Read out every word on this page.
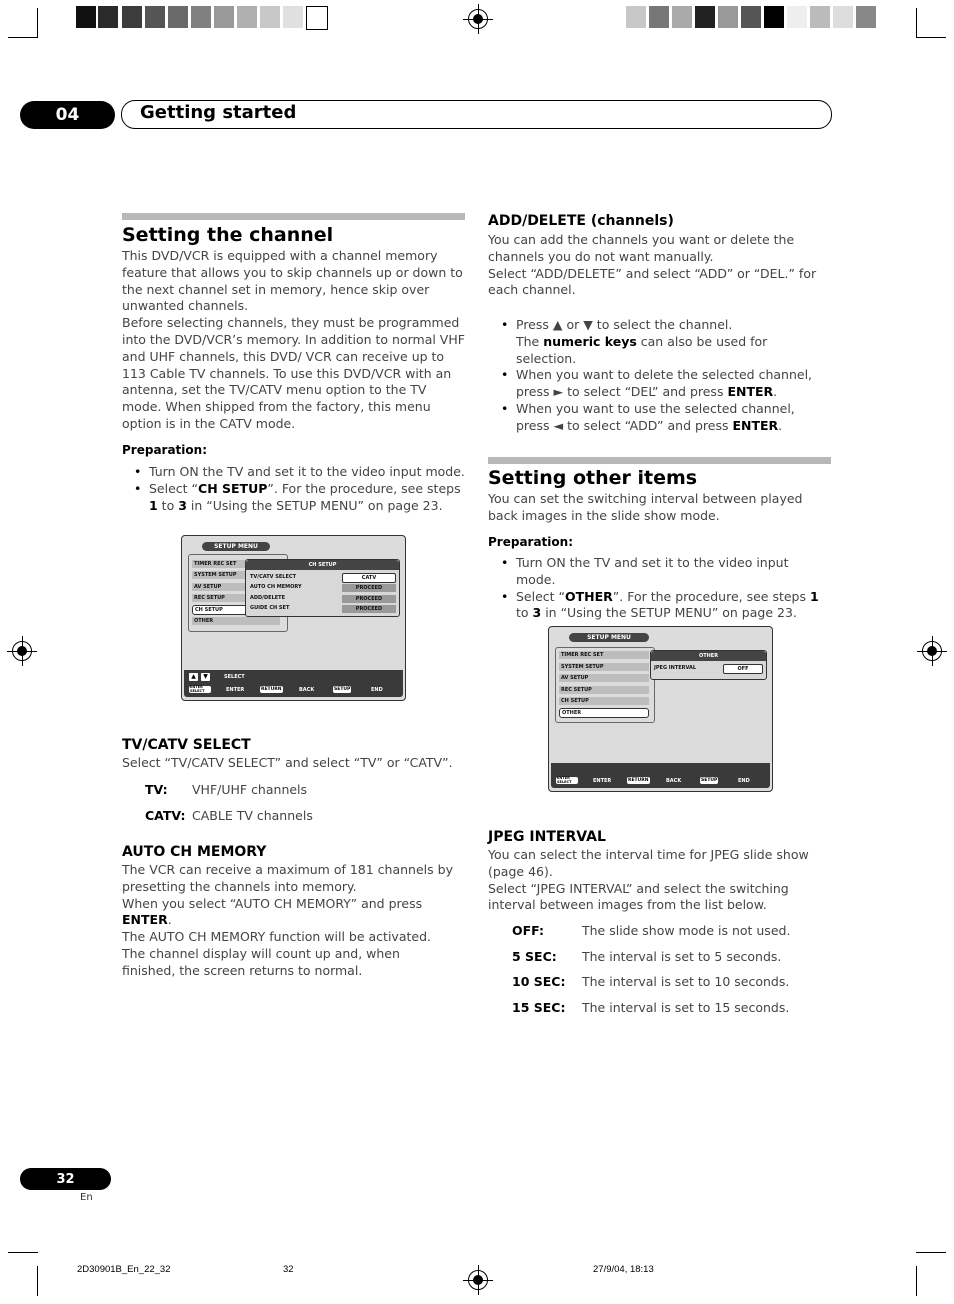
04	Getting started
Setting the channel
This DVD/VCR is equipped with a channel memory feature that allows you to skip channels up or down to the next channel set in memory, hence skip over unwanted channels.
Before selecting channels, they must be programmed into the DVD/VCR’s memory. In addition to normal VHF and UHF channels, this DVD/ VCR can receive up to 113 Cable TV channels. To use this DVD/VCR with an antenna, set the TV/CATV menu option to the TV mode. When shipped from the factory, this menu option is in the CATV mode.
Preparation:
• Turn ON the TV and set it to the video input mode.
• Select “CH SETUP”. For the procedure, see steps 1 to 3 in “Using the SETUP MENU” on page 23.
SETUP MENU
TIMER REC SET
SYSTEM SETUP
AV SETUP
REC SETUP
CH SETUP
OTHER
CH SETUP
TV/CATV SELECT
AUTO CH MEMORY
ADD/DELETE
GUIDE CH SET
CATV
PROCEED
PROCEED
PROCEED
▲	▼	SELECT
ENTER SELECT	ENTER	RETURN	BACK	SETUP	END
TV/CATV SELECT
Select “TV/CATV SELECT” and select “TV” or “CATV”.
TV: VHF/UHF channels
CATV: CABLE TV channels
AUTO CH MEMORY
The VCR can receive a maximum of 181 channels by presetting the channels into memory.
When you select “AUTO CH MEMORY” and press ENTER.
The AUTO CH MEMORY function will be activated. The channel display will count up and, when finished, the screen returns to normal.
ADD/DELETE (channels)
You can add the channels you want or delete the channels you do not want manually.
Select “ADD/DELETE” and select “ADD” or “DEL.” for each channel.
• Press ▲ or ▼ to select the channel.
The numeric keys can also be used for selection.
• When you want to delete the selected channel, press ► to select “DEL” and press ENTER.
• When you want to use the selected channel, press ◄ to select “ADD” and press ENTER.
Setting other items
You can set the switching interval between played back images in the slide show mode.
Preparation:
• Turn ON the TV and set it to the video input mode.
• Select “OTHER”. For the procedure, see steps 1 to 3 in “Using the SETUP MENU” on page 23.
SETUP MENU
TIMER REC SET
SYSTEM SETUP
AV SETUP
REC SETUP
CH SETUP
OTHER
OTHER
JPEG INTERVAL	OFF
ENTER SELECT	ENTER	RETURN	BACK	SETUP	END
JPEG INTERVAL
You can select the interval time for JPEG slide show (page 46).
Select “JPEG INTERVAL” and select the switching interval between images from the list below.
OFF:	The slide show mode is not used.
5 SEC: The interval is set to 5 seconds.
10 SEC: The interval is set to 10 seconds.
15 SEC: The interval is set to 15 seconds.
32
En
2D30901B_En_22_32	32	27/9/04, 18:13
